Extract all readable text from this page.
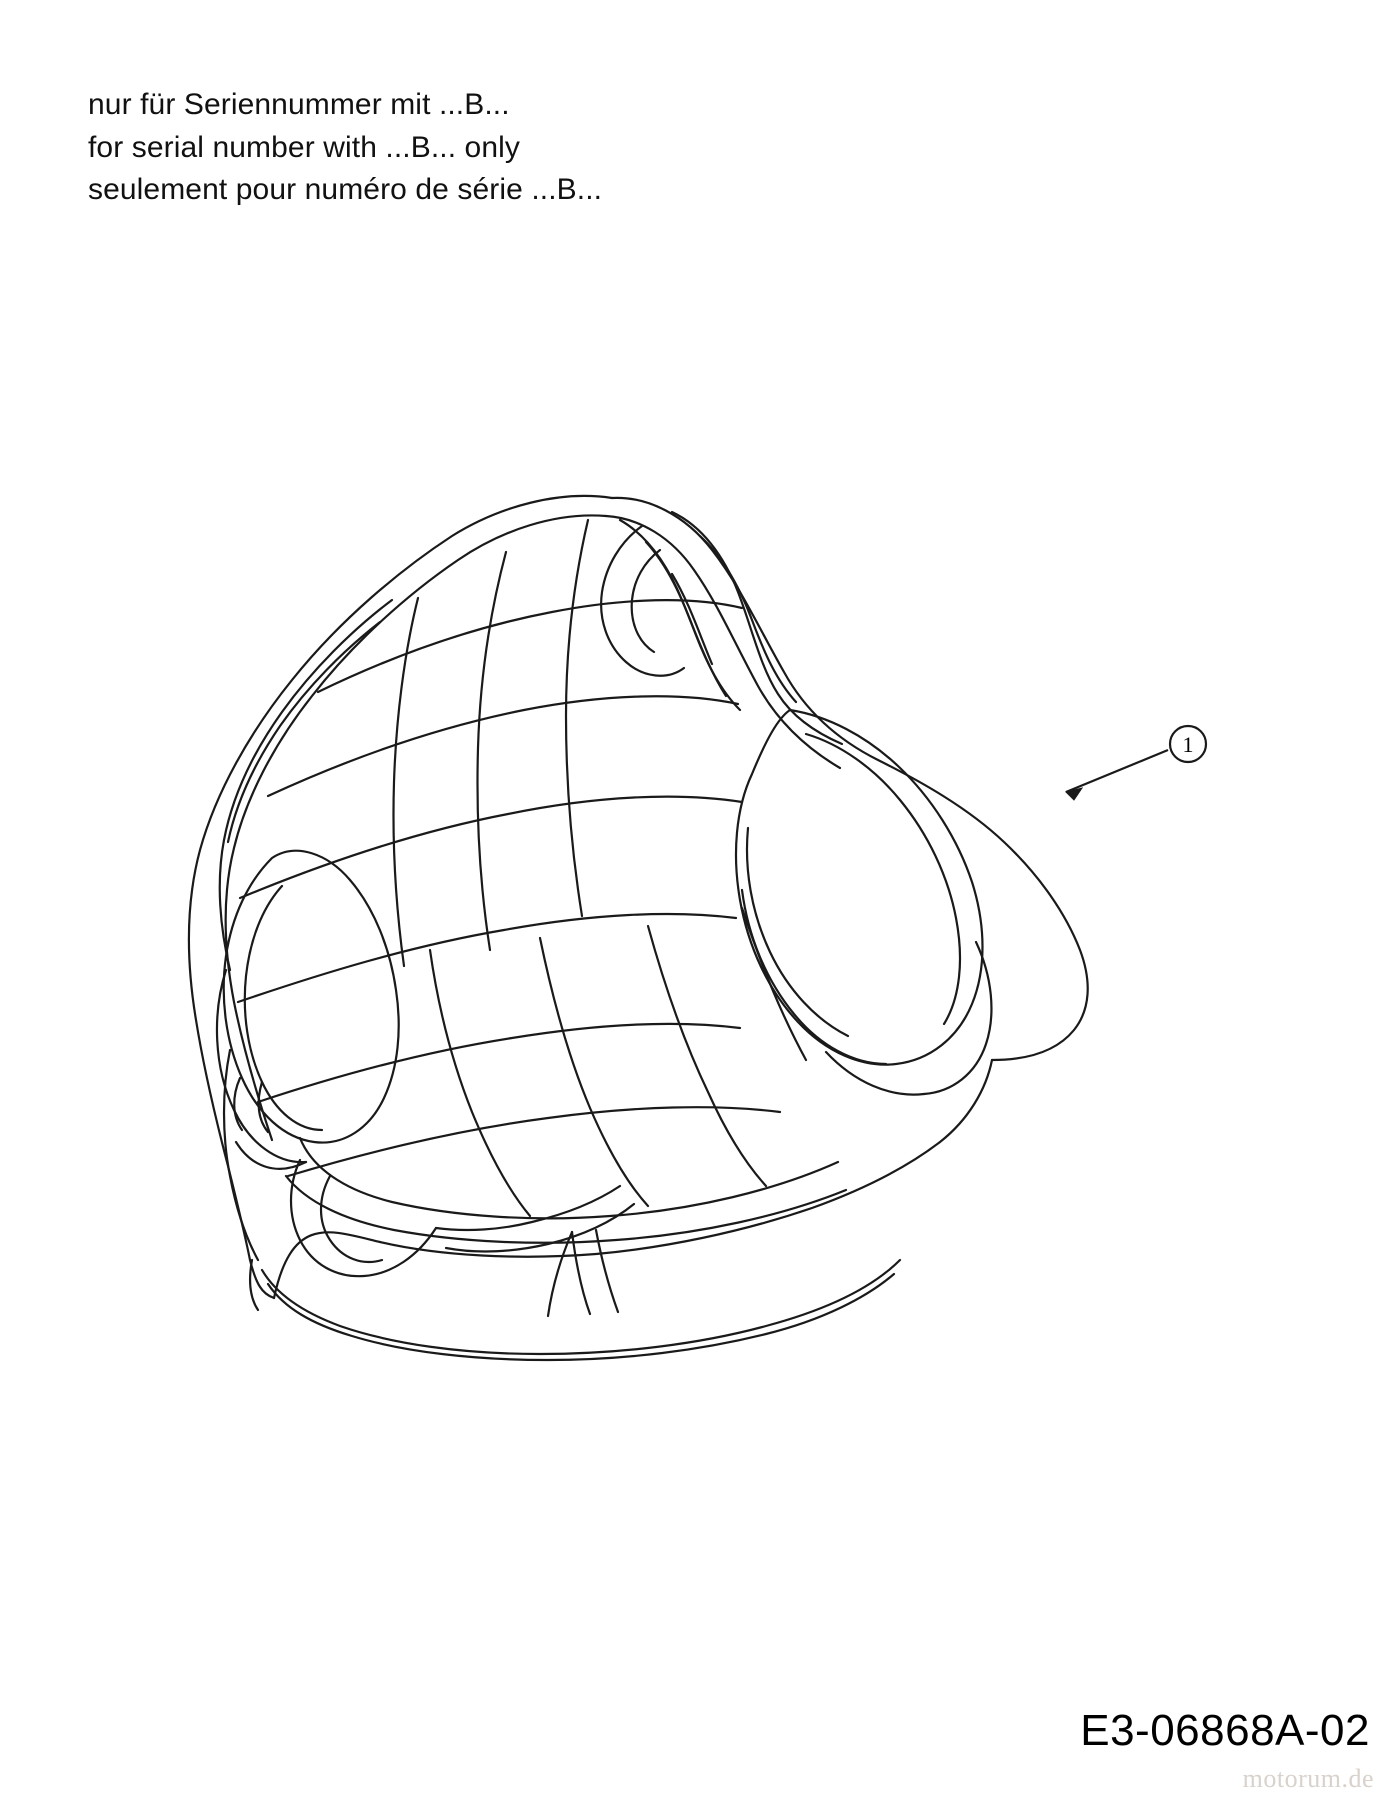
nur für Seriennummer mit ...B...
for serial number with ...B... only
seulement pour numéro de série ...B...
1
E3-06868A-02
motorum.de
